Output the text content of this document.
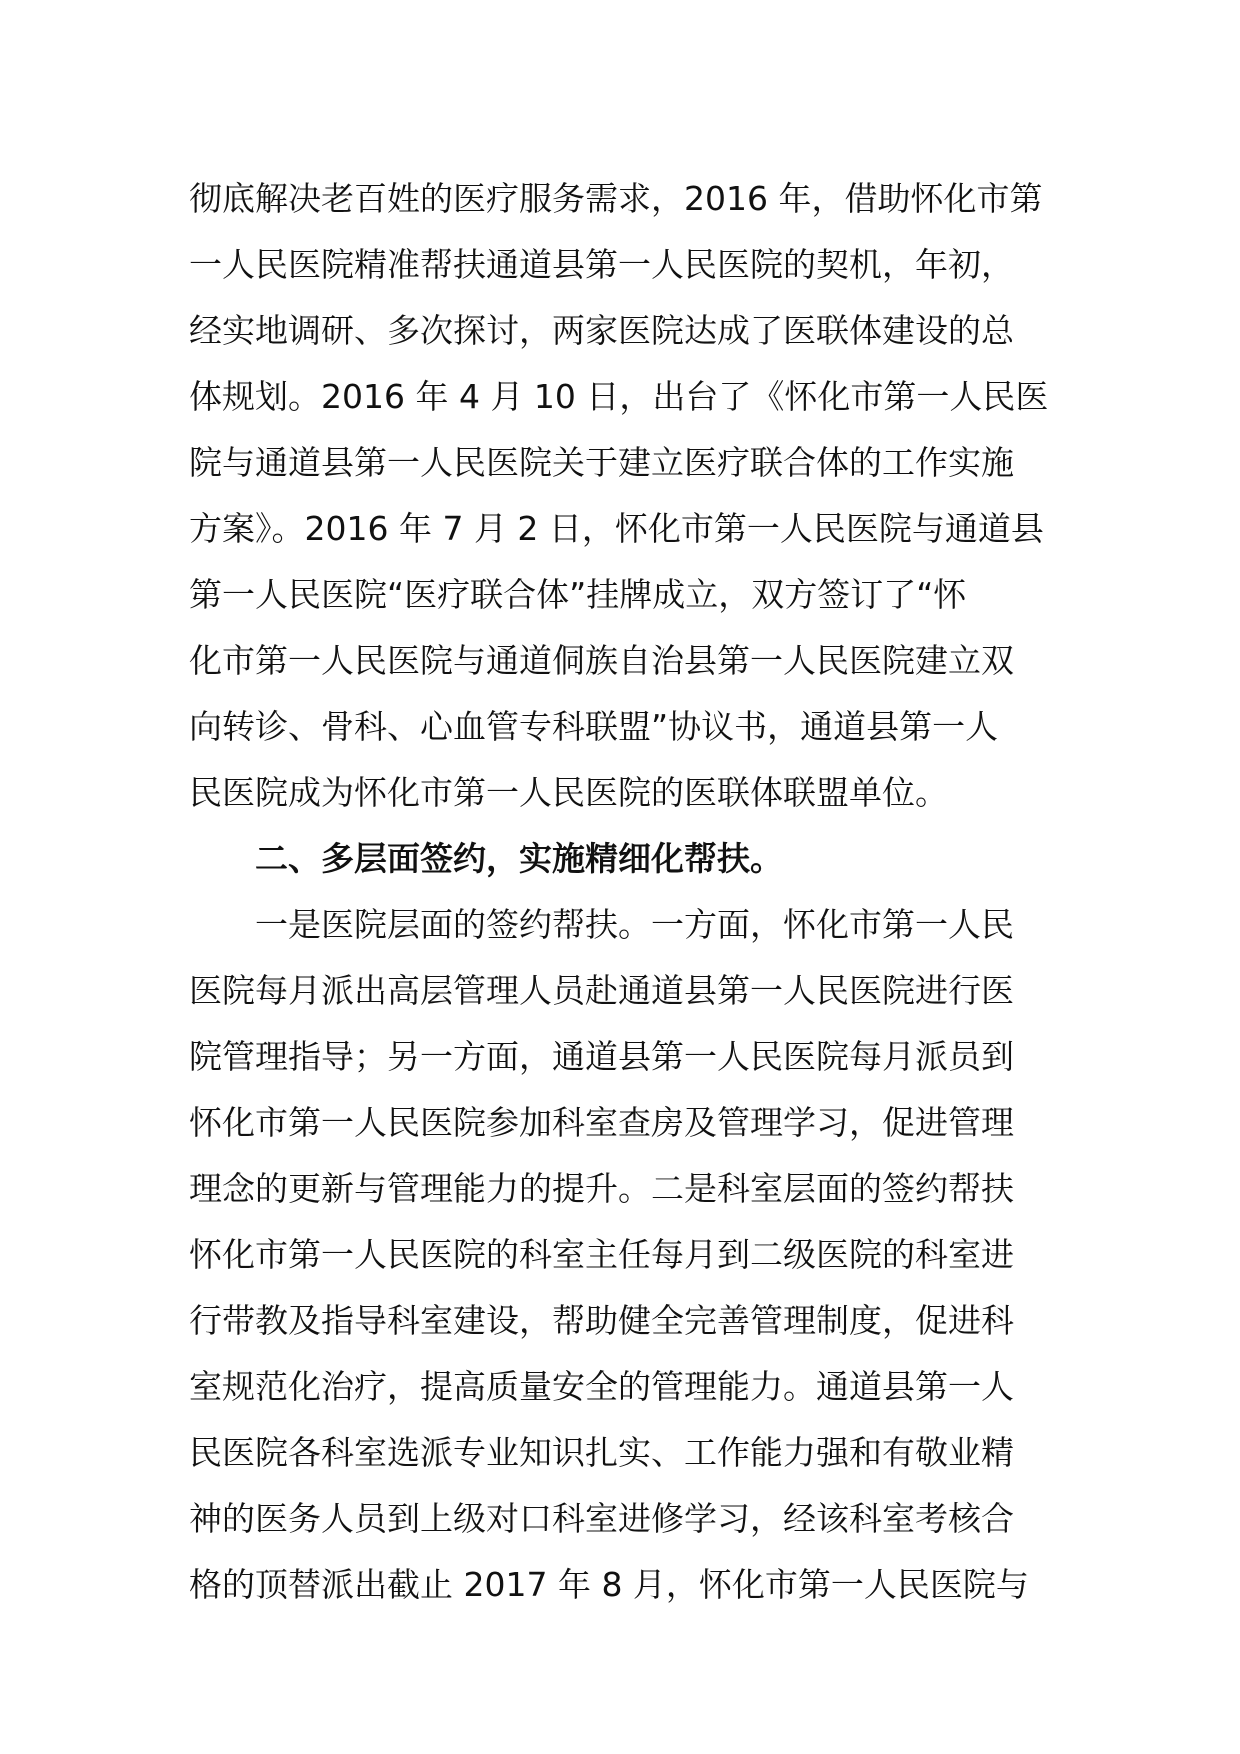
彻底解决老百姓的医疗服务需求，2016 年，借助怀化市第
一人民医院精准帮扶通道县第一人民医院的契机，年初，
经实地调研、多次探讨，两家医院达成了医联体建设的总
体规划。2016 年 4 月 10 日，出台了《怀化市第一人民医
院与通道县第一人民医院关于建立医疗联合体的工作实施
方案》。2016 年 7 月 2 日，怀化市第一人民医院与通道县
第一人民医院“医疗联合体”挂牌成立，双方签订了“怀
化市第一人民医院与通道侗族自治县第一人民医院建立双
向转诊、骨科、心血管专科联盟”协议书，通道县第一人
民医院成为怀化市第一人民医院的医联体联盟单位。
二、多层面签约，实施精细化帮扶。
一是医院层面的签约帮扶。一方面，怀化市第一人民
医院每月派出高层管理人员赴通道县第一人民医院进行医
院管理指导；另一方面，通道县第一人民医院每月派员到
怀化市第一人民医院参加科室查房及管理学习，促进管理
理念的更新与管理能力的提升。二是科室层面的签约帮扶
怀化市第一人民医院的科室主任每月到二级医院的科室进
行带教及指导科室建设，帮助健全完善管理制度，促进科
室规范化治疗，提高质量安全的管理能力。通道县第一人
民医院各科室选派专业知识扎实、工作能力强和有敬业精
神的医务人员到上级对口科室进修学习，经该科室考核合
格的顶替派出截止 2017 年 8 月，怀化市第一人民医院与
